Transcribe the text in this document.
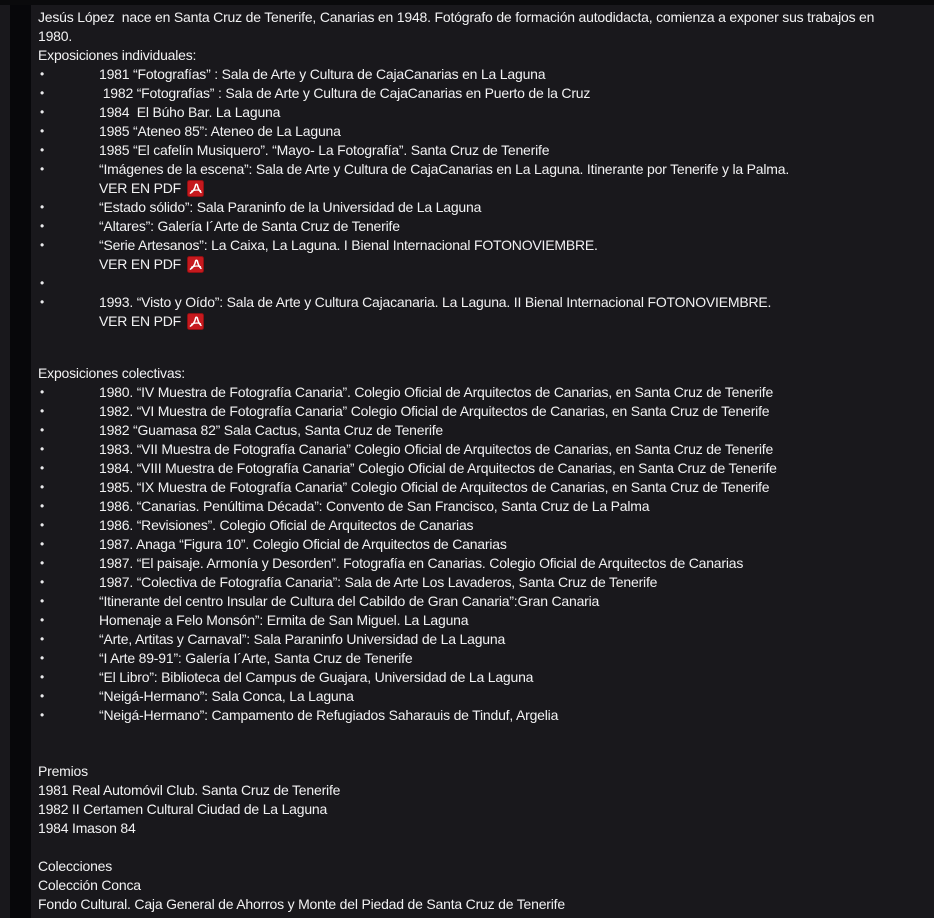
Jesús López  nace en Santa Cruz de Tenerife, Canarias en 1948. Fotógrafo de formación autodidacta, comienza a exponer sus trabajos en 1980.

Exposiciones individuales:
•	1981 “Fotografías” : Sala de Arte y Cultura de CajaCanarias en La Laguna
•	1982 “Fotografías” : Sala de Arte y Cultura de CajaCanarias en Puerto de la Cruz
•	1984  El Búho Bar. La Laguna
•	1985 “Ateneo 85”: Ateneo de La Laguna
•	1985 “El cafelín Musiquero”. “Mayo- La Fotografía”. Santa Cruz de Tenerife
•	“Imágenes de la escena”: Sala de Arte y Cultura de CajaCanarias en La Laguna. Itinerante por Tenerife y la Palma.
VER EN PDF
•	“Estado sólido”: Sala Paraninfo de la Universidad de La Laguna
•	“Altares”: Galería I´Arte de Santa Cruz de Tenerife
•	“Serie Artesanos”: La Caixa, La Laguna. I Bienal Internacional FOTONOVIEMBRE.
VER EN PDF
•
•	1993. “Visto y Oído”: Sala de Arte y Cultura Cajacanaria. La Laguna. II Bienal Internacional FOTONOVIEMBRE.
VER EN PDF
Exposiciones colectivas:
•	1980. “IV Muestra de Fotografía Canaria”. Colegio Oficial de Arquitectos de Canarias, en Santa Cruz de Tenerife
•	1982. “VI Muestra de Fotografía Canaria” Colegio Oficial de Arquitectos de Canarias, en Santa Cruz de Tenerife
•	1982 “Guamasa 82” Sala Cactus, Santa Cruz de Tenerife
•	1983. “VII Muestra de Fotografía Canaria” Colegio Oficial de Arquitectos de Canarias, en Santa Cruz de Tenerife
•	1984. “VIII Muestra de Fotografía Canaria” Colegio Oficial de Arquitectos de Canarias, en Santa Cruz de Tenerife
•	1985. “IX Muestra de Fotografía Canaria” Colegio Oficial de Arquitectos de Canarias, en Santa Cruz de Tenerife
•	1986. “Canarias. Penúltima Década”: Convento de San Francisco, Santa Cruz de La Palma
•	1986. “Revisiones”. Colegio Oficial de Arquitectos de Canarias
•	1987. Anaga “Figura 10”. Colegio Oficial de Arquitectos de Canarias
•	1987. “El paisaje. Armonía y Desorden”. Fotografía en Canarias. Colegio Oficial de Arquitectos de Canarias
•	1987. “Colectiva de Fotografía Canaria”: Sala de Arte Los Lavaderos, Santa Cruz de Tenerife
•	“Itinerante del centro Insular de Cultura del Cabildo de Gran Canaria”:Gran Canaria
•	Homenaje a Felo Monsón”: Ermita de San Miguel. La Laguna
•	“Arte, Artitas y Carnaval”: Sala Paraninfo Universidad de La Laguna
•	“I Arte 89-91”: Galería I´Arte, Santa Cruz de Tenerife
•	“El Libro”: Biblioteca del Campus de Guajara, Universidad de La Laguna
•	“Neigá-Hermano”: Sala Conca, La Laguna
•	“Neigá-Hermano”: Campamento de Refugiados Saharauis de Tinduf, Argelia
Premios
1981 Real Automóvil Club. Santa Cruz de Tenerife
1982 II Certamen Cultural Ciudad de La Laguna
1984 Imason 84
Colecciones
Colección Conca
Fondo Cultural. Caja General de Ahorros y Monte del Piedad de Santa Cruz de Tenerife
